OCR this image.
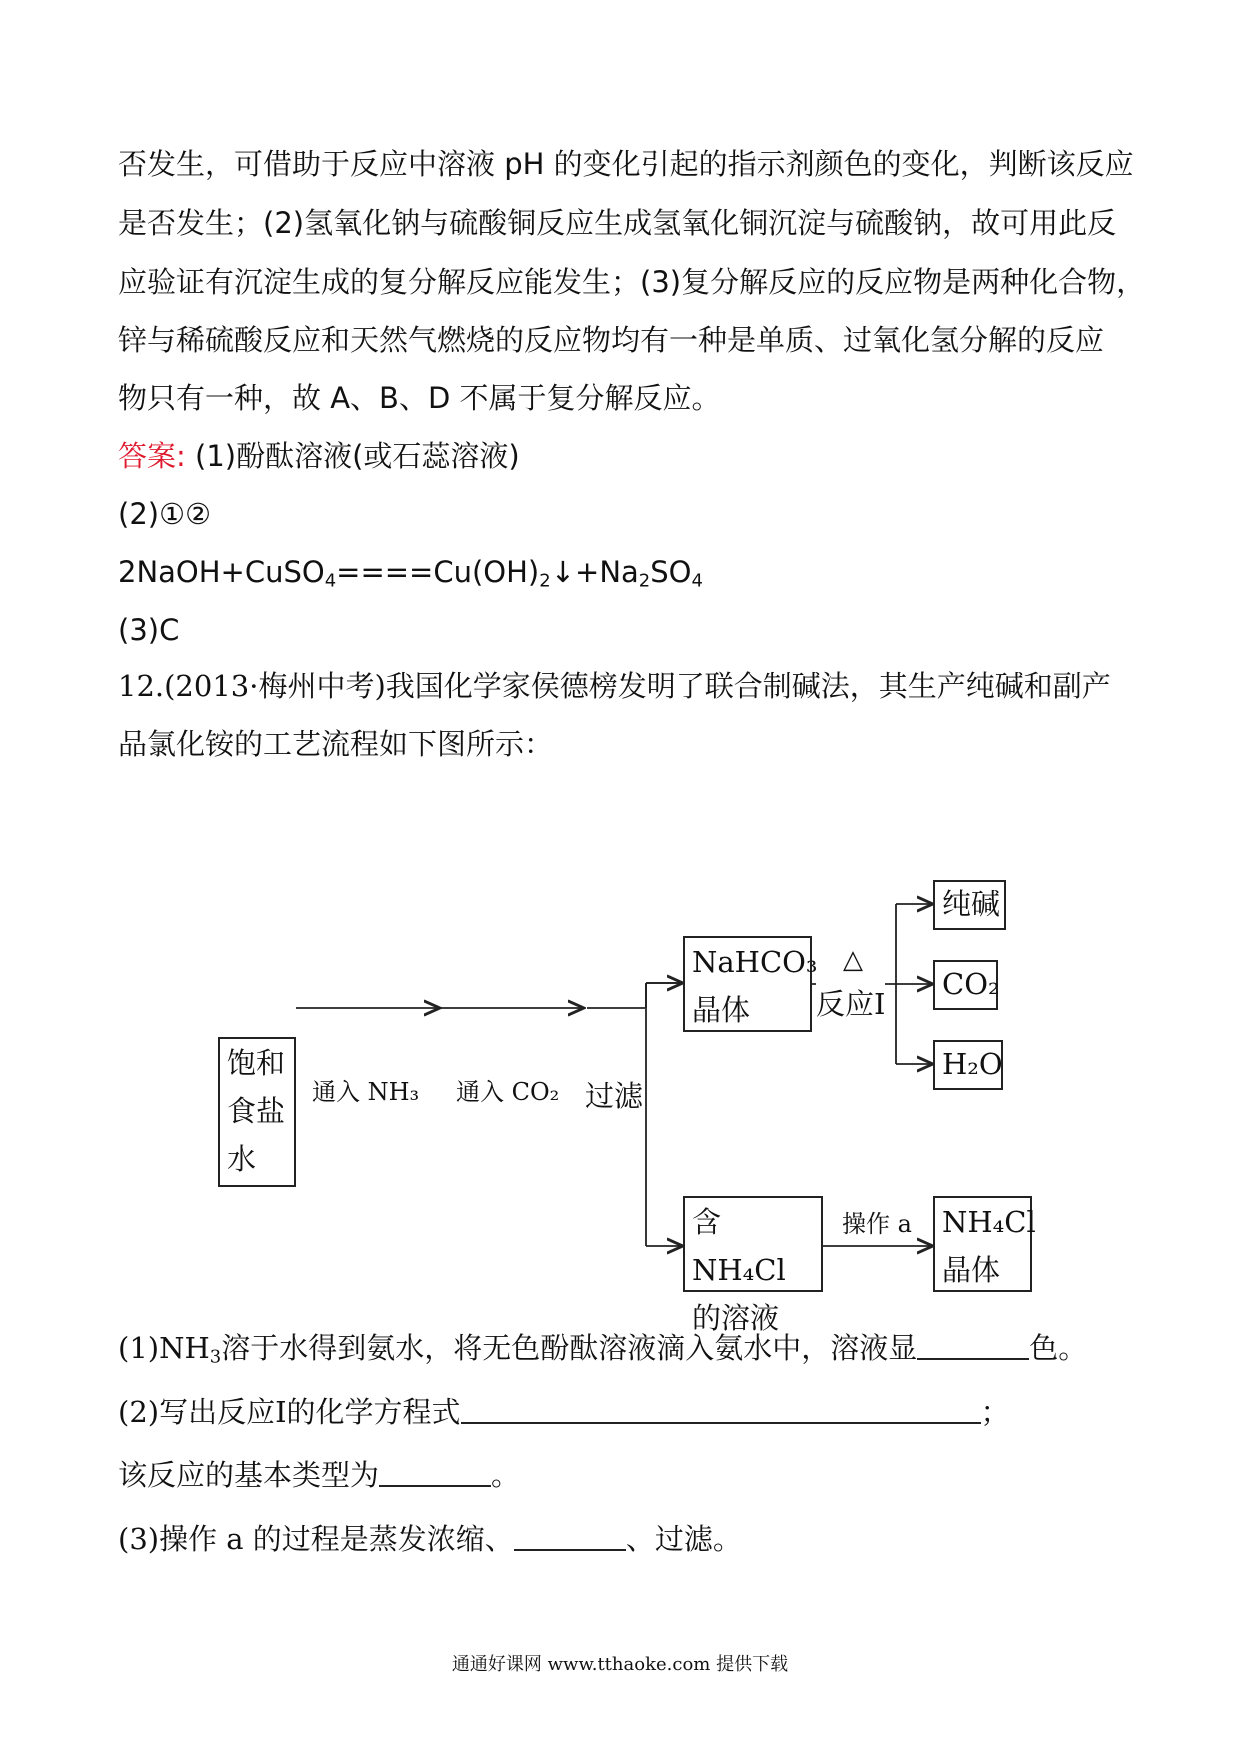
否发生，可借助于反应中溶液 pH 的变化引起的指示剂颜色的变化，判断该反应
是否发生；(2)氢氧化钠与硫酸铜反应生成氢氧化铜沉淀与硫酸钠，故可用此反
应验证有沉淀生成的复分解反应能发生；(3)复分解反应的反应物是两种化合物，
锌与稀硫酸反应和天然气燃烧的反应物均有一种是单质、过氧化氢分解的反应
物只有一种，故 A、B、D 不属于复分解反应。
答案: (1)酚酞溶液(或石蕊溶液)
(2)①②
$2NaOH+CuSO_4====Cu(OH)_2↓+Na_2SO_4$
(3)C
12.(2013·梅州中考)我国化学家侯德榜发明了联合制碱法，其生产纯碱和副产
品氯化铵的工艺流程如下图所示：
饱和
食盐
水
通入 NH₃ 通入 CO₂ 过滤
NaHCO₃
晶体
△
反应Ⅰ
纯碱
CO₂
H₂O
含 NH₄Cl
的溶液
操作 a NH₄Cl
晶体
$(1)NH_3$溶于水得到氨水，将无色酚酞溶液滴入氨水中，溶液显	色。
(2)写出反应Ⅰ的化学方程式	；
该反应的基本类型为	。
(3)操作 a 的过程是蒸发浓缩、	、过滤。
通通好课网 www.tthaoke.com 提供下载
